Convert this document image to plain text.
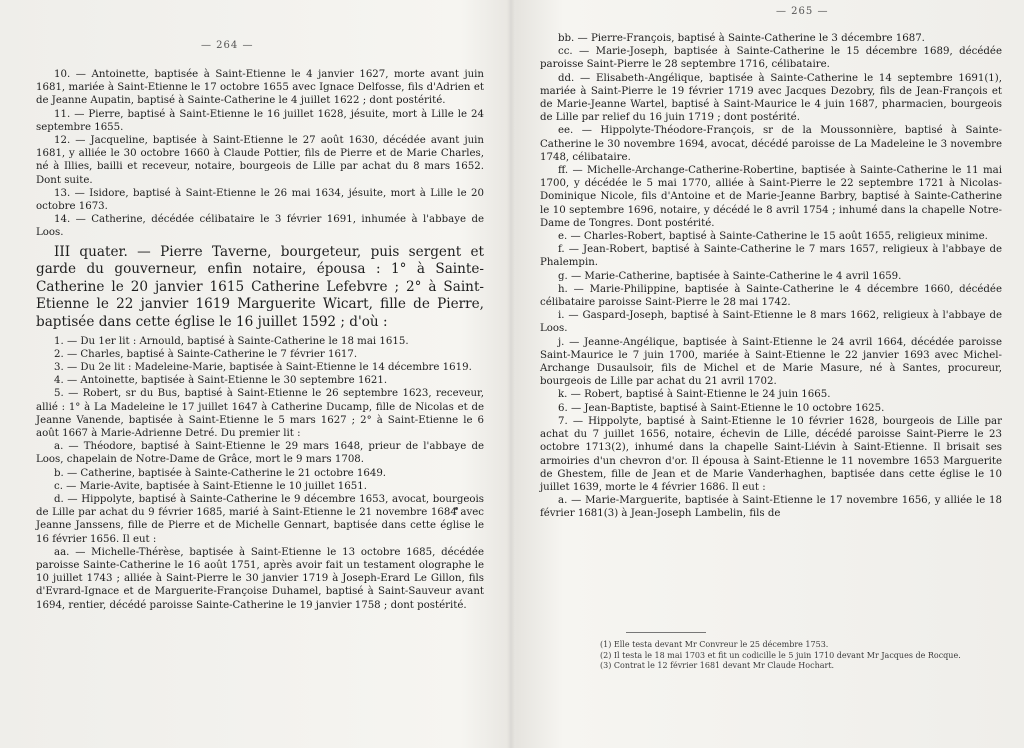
— 264 —

10. — Antoinette, baptisée à Saint-Etienne le 4 janvier 1627, morte avant juin 1681, mariée à Saint-Etienne le 17 octobre 1655 avec Ignace Delfosse, fils d'Adrien et de Jeanne Aupatin, baptisé à Sainte-Catherine le 4 juillet 1622 ; dont postérité.

11. — Pierre, baptisé à Saint-Etienne le 16 juillet 1628, jésuite, mort à Lille le 24 septembre 1655.

12. — Jacqueline, baptisée à Saint-Etienne le 27 août 1630, décédée avant juin 1681, y alliée le 30 octobre 1660 à Claude Pottier, fils de Pierre et de Marie Charles, né à Illies, bailli et receveur, notaire, bourgeois de Lille par achat du 8 mars 1652. Dont suite.

13. — Isidore, baptisé à Saint-Etienne le 26 mai 1634, jésuite, mort à Lille le 20 octobre 1673.

14. — Catherine, décédée célibataire le 3 février 1691, inhumée à l'abbaye de Loos.

III quater. — Pierre Taverne, bourgeteur, puis sergent et garde du gouverneur, enfin notaire, épousa : 1° à Sainte-Catherine le 20 janvier 1615 Catherine Lefebvre ; 2° à Saint-Etienne le 22 janvier 1619 Marguerite Wicart, fille de Pierre, baptisée dans cette église le 16 juillet 1592 ; d'où :

1. — Du 1er lit : Arnould, baptisé à Sainte-Catherine le 18 mai 1615.

2. — Charles, baptisé à Sainte-Catherine le 7 février 1617.

3. — Du 2e lit : Madeleine-Marie, baptisée à Saint-Etienne le 14 décembre 1619.

4. — Antoinette, baptisée à Saint-Etienne le 30 septembre 1621.

5. — Robert, sr du Bus, baptisé à Saint-Etienne le 26 septembre 1623, receveur, allié : 1° à La Madeleine le 17 juillet 1647 à Catherine Ducamp, fille de Nicolas et de Jeanne Vanende, baptisée à Saint-Etienne le 5 mars 1627 ; 2° à Saint-Etienne le 6 août 1667 à Marie-Adrienne Detré. Du premier lit :

a. — Théodore, baptisé à Saint-Etienne le 29 mars 1648, prieur de l'abbaye de Loos, chapelain de Notre-Dame de Grâce, mort le 9 mars 1708.

b. — Catherine, baptisée à Sainte-Catherine le 21 octobre 1649.

c. — Marie-Avite, baptisée à Saint-Etienne le 10 juillet 1651.

d. — Hippolyte, baptisé à Sainte-Catherine le 9 décembre 1653, avocat, bourgeois de Lille par achat du 9 février 1685, marié à Saint-Etienne le 21 novembre 1684 avec Jeanne Janssens, fille de Pierre et de Michelle Gennart, baptisée dans cette église le 16 février 1656. Il eut :

aa. — Michelle-Thérèse, baptisée à Saint-Etienne le 13 octobre 1685, décédée paroisse Sainte-Catherine le 16 août 1751, après avoir fait un testament olographe le 10 juillet 1743 ; alliée à Saint-Pierre le 30 janvier 1719 à Joseph-Erard Le Gillon, fils d'Evrard-Ignace et de Marguerite-Françoise Duhamel, baptisé à Saint-Sauveur avant 1694, rentier, décédé paroisse Sainte-Catherine le 19 janvier 1758 ; dont postérité.

— 265 —

bb. — Pierre-François, baptisé à Sainte-Catherine le 3 décembre 1687.

cc. — Marie-Joseph, baptisée à Sainte-Catherine le 15 décembre 1689, décédée paroisse Saint-Pierre le 28 septembre 1716, célibataire.

dd. — Elisabeth-Angélique, baptisée à Sainte-Catherine le 14 septembre 1691(1), mariée à Saint-Pierre le 19 février 1719 avec Jacques Dezobry, fils de Jean-François et de Marie-Jeanne Wartel, baptisé à Saint-Maurice le 4 juin 1687, pharmacien, bourgeois de Lille par relief du 16 juin 1719 ; dont postérité.

ee. — Hippolyte-Théodore-François, sr de la Moussonnière, baptisé à Sainte-Catherine le 30 novembre 1694, avocat, décédé paroisse de La Madeleine le 3 novembre 1748, célibataire.

ff. — Michelle-Archange-Catherine-Robertine, baptisée à Sainte-Catherine le 11 mai 1700, y décédée le 5 mai 1770, alliée à Saint-Pierre le 22 septembre 1721 à Nicolas-Dominique Nicole, fils d'Antoine et de Marie-Jeanne Barbry, baptisé à Sainte-Catherine le 10 septembre 1696, notaire, y décédé le 8 avril 1754 ; inhumé dans la chapelle Notre-Dame de Tongres. Dont postérité.

e. — Charles-Robert, baptisé à Sainte-Catherine le 15 août 1655, religieux minime.

f. — Jean-Robert, baptisé à Sainte-Catherine le 7 mars 1657, religieux à l'abbaye de Phalempin.

g. — Marie-Catherine, baptisée à Sainte-Catherine le 4 avril 1659.

h. — Marie-Philippine, baptisée à Sainte-Catherine le 4 décembre 1660, décédée célibataire paroisse Saint-Pierre le 28 mai 1742.

i. — Gaspard-Joseph, baptisé à Saint-Etienne le 8 mars 1662, religieux à l'abbaye de Loos.

j. — Jeanne-Angélique, baptisée à Saint-Etienne le 24 avril 1664, décédée paroisse Saint-Maurice le 7 juin 1700, mariée à Saint-Etienne le 22 janvier 1693 avec Michel-Archange Dusaulsoir, fils de Michel et de Marie Masure, né à Santes, procureur, bourgeois de Lille par achat du 21 avril 1702.

k. — Robert, baptisé à Saint-Etienne le 24 juin 1665.

6. — Jean-Baptiste, baptisé à Saint-Etienne le 10 octobre 1625.

7. — Hippolyte, baptisé à Saint-Etienne le 10 février 1628, bourgeois de Lille par achat du 7 juillet 1656, notaire, échevin de Lille, décédé paroisse Saint-Pierre le 23 octobre 1713(2), inhumé dans la chapelle Saint-Liévin à Saint-Etienne. Il brisait ses armoiries d'un chevron d'or. Il épousa à Saint-Etienne le 11 novembre 1653 Marguerite de Ghestem, fille de Jean et de Marie Vanderhaghen, baptisée dans cette église le 10 juillet 1639, morte le 4 février 1686. Il eut :

a. — Marie-Marguerite, baptisée à Saint-Etienne le 17 novembre 1656, y alliée le 18 février 1681(3) à Jean-Joseph Lambelin, fils de

(1) Elle testa devant Mr Convreur le 25 décembre 1753.

(2) Il testa le 18 mai 1703 et fit un codicille le 5 juin 1710 devant Mr Jacques de Rocque.

(3) Contrat le 12 février 1681 devant Mr Claude Hochart.
